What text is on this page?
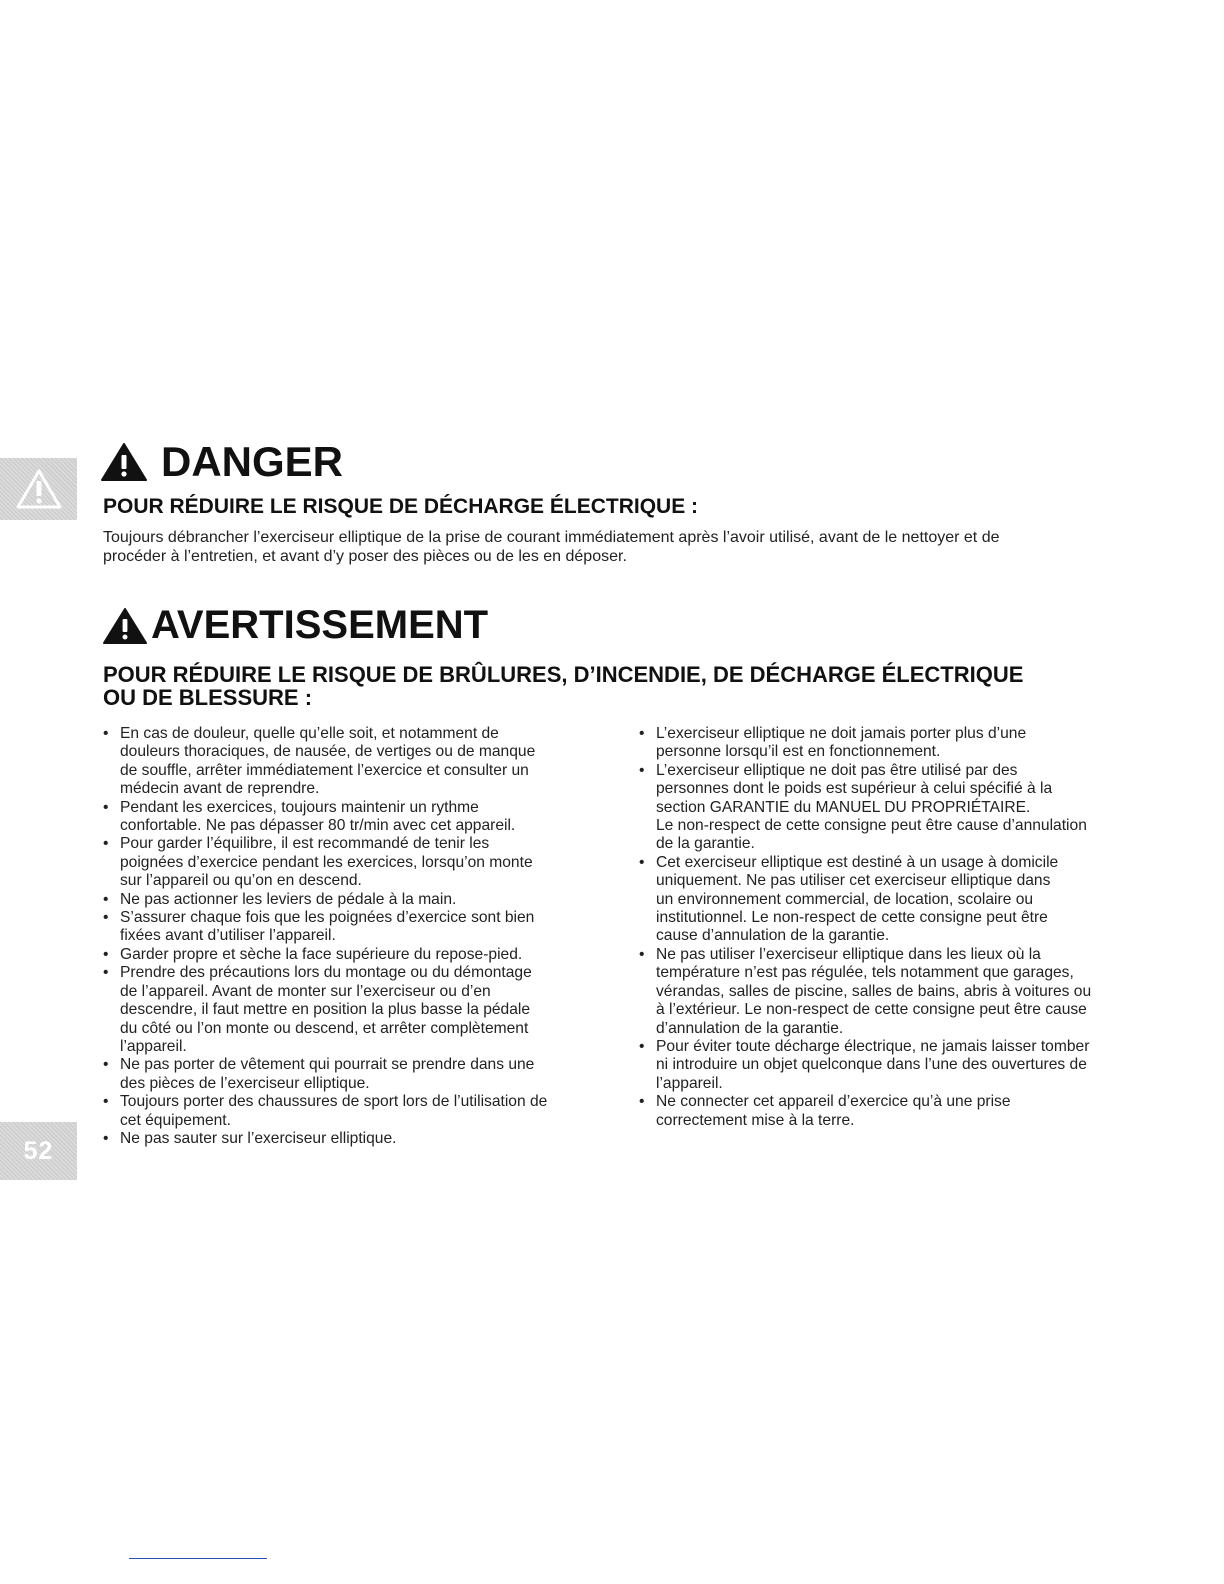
52
DANGER
POUR RÉDUIRE LE RISQUE DE DÉCHARGE ÉLECTRIQUE :

Toujours débrancher l’exerciseur elliptique de la prise de courant immédiatement après l’avoir utilisé, avant de le nettoyer et de
procéder à l’entretien, et avant d’y poser des pièces ou de les en déposer.

AVERTISSEMENT
POUR RÉDUIRE LE RISQUE DE BRÛLURES, D’INCENDIE, DE DÉCHARGE ÉLECTRIQUE
OU DE BLESSURE :
• En cas de douleur, quelle qu’elle soit, et notamment de
douleurs thoraciques, de nausée, de vertiges ou de manque
de souffle, arrêter immédiatement l’exercice et consulter un
médecin avant de reprendre.
• Pendant les exercices, toujours maintenir un rythme
confortable. Ne pas dépasser 80 tr/min avec cet appareil.
• Pour garder l’équilibre, il est recommandé de tenir les
poignées d’exercice pendant les exercices, lorsqu’on monte
sur l’appareil ou qu’on en descend.
• Ne pas actionner les leviers de pédale à la main.
• S’assurer chaque fois que les poignées d’exercice sont bien
fixées avant d’utiliser l’appareil.
• Garder propre et sèche la face supérieure du repose-pied.
• Prendre des précautions lors du montage ou du démontage
de l’appareil. Avant de monter sur l’exerciseur ou d’en
descendre, il faut mettre en position la plus basse la pédale
du côté ou l’on monte ou descend, et arrêter complètement
l’appareil.
• Ne pas porter de vêtement qui pourrait se prendre dans une
des pièces de l’exerciseur elliptique.
• Toujours porter des chaussures de sport lors de l’utilisation de
cet équipement.
• Ne pas sauter sur l’exerciseur elliptique.
• L’exerciseur elliptique ne doit jamais porter plus d’une
personne lorsqu’il est en fonctionnement.
• L’exerciseur elliptique ne doit pas être utilisé par des
personnes dont le poids est supérieur à celui spécifié à la
section GARANTIE du MANUEL DU PROPRIÉTAIRE.
Le non-respect de cette consigne peut être cause d’annulation
de la garantie.
• Cet exerciseur elliptique est destiné à un usage à domicile
uniquement. Ne pas utiliser cet exerciseur elliptique dans
un environnement commercial, de location, scolaire ou
institutionnel. Le non-respect de cette consigne peut être
cause d’annulation de la garantie.
• Ne pas utiliser l’exerciseur elliptique dans les lieux où la
température n’est pas régulée, tels notamment que garages,
vérandas, salles de piscine, salles de bains, abris à voitures ou
à l’extérieur. Le non-respect de cette consigne peut être cause
d’annulation de la garantie.
• Pour éviter toute décharge électrique, ne jamais laisser tomber
ni introduire un objet quelconque dans l’une des ouvertures de
l’appareil.
• Ne connecter cet appareil d’exercice qu’à une prise
correctement mise à la terre.
